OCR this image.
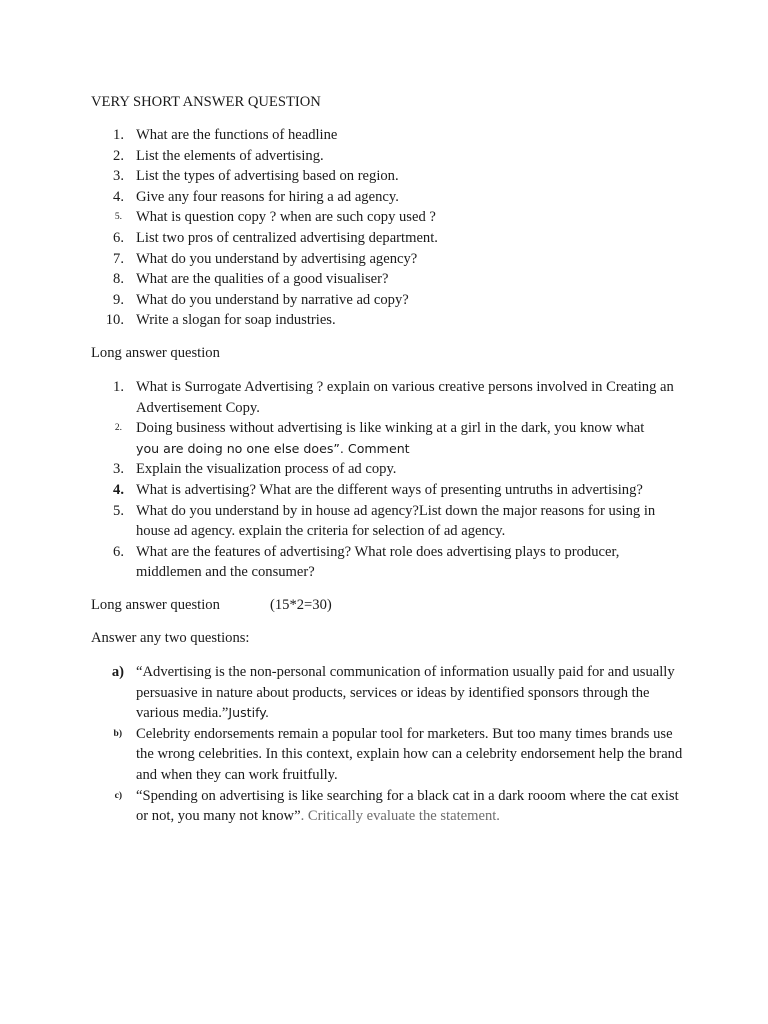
VERY SHORT ANSWER QUESTION
1. What are the functions of headline
2. List the elements of advertising.
3. List the types of advertising based on region.
4. Give any four reasons for hiring a ad agency.
5. What is question copy ? when are such copy used ?
6. List two pros of centralized advertising department.
7. What do you understand by advertising agency?
8. What are the qualities of a good visualiser?
9. What do you understand by narrative ad copy?
10. Write a slogan for soap industries.
Long answer question
1. What is Surrogate Advertising ? explain on various creative persons involved in Creating an Advertisement Copy.
2. Doing business without advertising is like winking at a girl in the dark, you know what
you are doing no one else does”. Comment
3. Explain the visualization process of ad copy.
4. What is advertising? What are the different ways of presenting untruths in advertising?
5. What do you understand by in house ad agency?List down the major reasons for using in house ad agency. explain the criteria for selection of ad agency.
6. What are the features of advertising? What role does advertising plays to producer, middlemen and the consumer?
Long answer question	(15*2=30)
Answer any two questions:
a) “Advertising is the non-personal communication of information usually paid for and usually persuasive in nature about products, services or ideas by identified sponsors through the various media.”Justify.
b) Celebrity endorsements remain a popular tool for marketers. But too many times brands use the wrong celebrities. In this context, explain how can a celebrity endorsement help the brand and when they can work fruitfully.
c) “Spending on advertising is like searching for a black cat in a dark rooom where the cat exist or not, you many not know”. Critically evaluate the statement.
